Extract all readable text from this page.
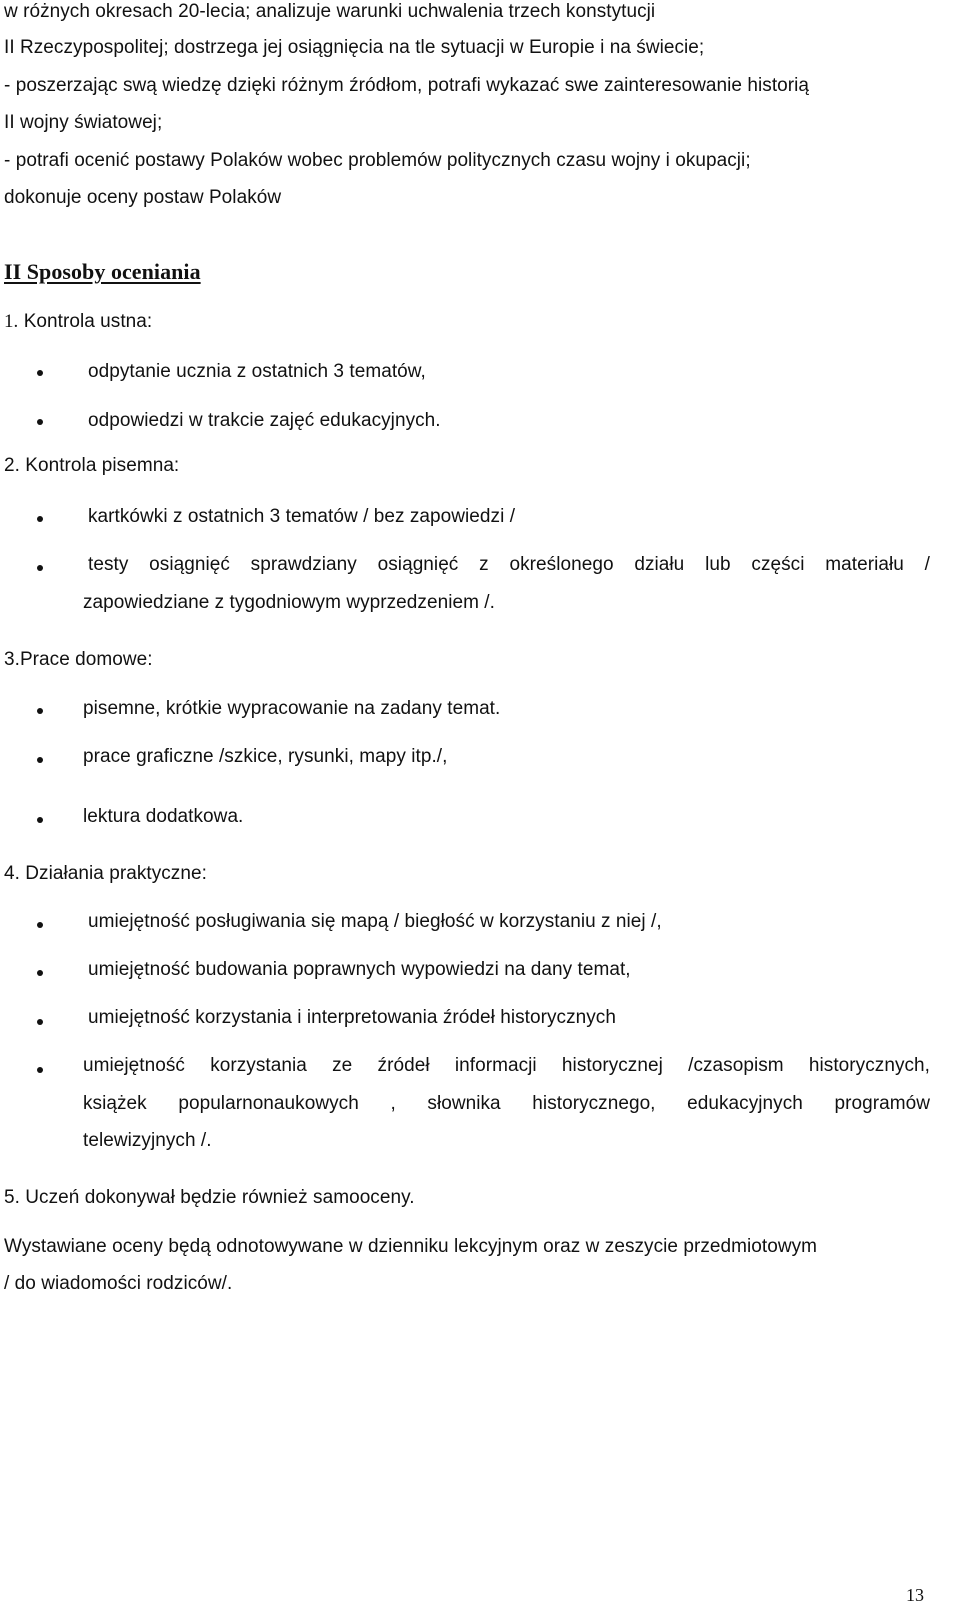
w różnych okresach 20-lecia; analizuje warunki uchwalenia trzech konstytucji
II Rzeczypospolitej; dostrzega jej osiągnięcia na tle sytuacji w Europie i na świecie;
- poszerzając swą wiedzę dzięki różnym źródłom, potrafi wykazać swe zainteresowanie historią
II wojny światowej;
- potrafi ocenić postawy Polaków wobec problemów politycznych czasu wojny i okupacji;
dokonuje oceny postaw Polaków
II Sposoby oceniania
1. Kontrola ustna:
odpytanie ucznia z ostatnich 3 tematów,
odpowiedzi w trakcie zajęć edukacyjnych.
2. Kontrola pisemna:
kartkówki z ostatnich 3 tematów / bez zapowiedzi /
testy osiągnięć sprawdziany osiągnięć z określonego działu lub części materiału /
zapowiedziane z tygodniowym wyprzedzeniem /.
3.Prace domowe:
pisemne, krótkie wypracowanie na zadany temat.
prace graficzne /szkice, rysunki, mapy itp./,
lektura dodatkowa.
4. Działania praktyczne:
umiejętność posługiwania się mapą / biegłość w korzystaniu z niej /,
umiejętność budowania poprawnych wypowiedzi na dany temat,
umiejętność korzystania i interpretowania źródeł historycznych
umiejętność korzystania ze źródeł informacji historycznej /czasopism historycznych,
książek popularnonaukowych , słownika historycznego, edukacyjnych programów
telewizyjnych /.
5. Uczeń dokonywał będzie również samooceny.
Wystawiane oceny będą odnotowywane w dzienniku lekcyjnym oraz w zeszycie przedmiotowym
/ do wiadomości rodziców/.
13
